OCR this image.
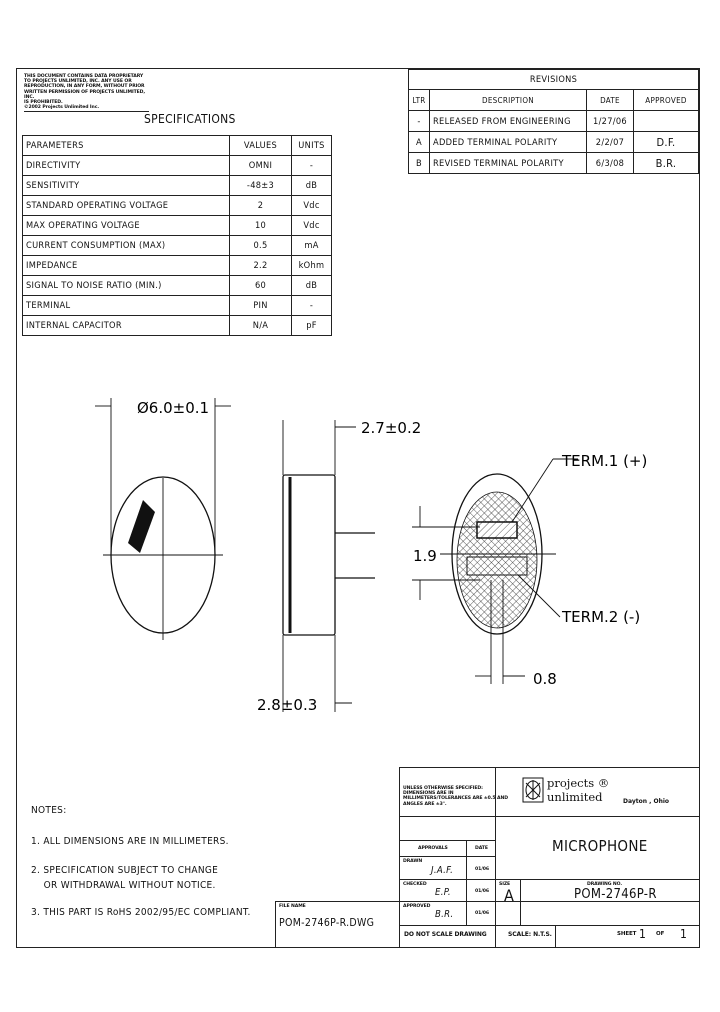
THIS DOCUMENT CONTAINS DATA PROPRIETARY
TO PROJECTS UNLIMITED, INC. ANY USE OR
REPRODUCTION, IN ANY FORM, WITHOUT PRIOR
WRITTEN PERMISSION OF PROJECTS UNLIMITED, INC.
IS PROHIBITED.
©2002 Projects Unlimited Inc.
SPECIFICATIONS
PARAMETERS	VALUES	UNITS
DIRECTIVITY	OMNI	-
SENSITIVITY	-48±3	dB
STANDARD OPERATING VOLTAGE	2	Vdc
MAX OPERATING VOLTAGE	10	Vdc
CURRENT CONSUMPTION (MAX)	0.5	mA
IMPEDANCE	2.2	kOhm
SIGNAL TO NOISE RATIO (MIN.)	60	dB
TERMINAL	PIN	-
INTERNAL CAPACITOR	N/A	pF
REVISIONS			
LTR	DESCRIPTION	DATE	APPROVED
-	RELEASED FROM ENGINEERING	1/27/06	
A	ADDED TERMINAL POLARITY	2/2/07	D.F.
B	REVISED TERMINAL POLARITY	6/3/08	B.R.
Ø6.0±0.1
2.7±0.2
2.8±0.3
TERM.1 (+)
TERM.2 (-)
1.9
0.8
NOTES:
1. ALL DIMENSIONS ARE IN MILLIMETERS.
2. SPECIFICATION SUBJECT TO CHANGE
OR WITHDRAWAL WITHOUT NOTICE.
3. THIS PART IS RoHS 2002/95/EC COMPLIANT.
FILE NAME
POM-2746P-R.DWG
UNLESS OTHERWISE SPECIFIED:
DIMENSIONS ARE IN
MILLIMETERS/TOLERANCES ARE ±0.5 AND
ANGLES ARE ±3°.
projects ®
unlimited	Dayton , Ohio
APPROVALS	DATE
DRAWN
J.A.F.	01/06
CHECKED
E.P.	01/06
APPROVED
B.R.	01/06
MICROPHONE
SIZE
A
DRAWING NO.
POM-2746P-R
DO NOT SCALE DRAWING	SCALE: N.T.S.	SHEET 1 OF 1
